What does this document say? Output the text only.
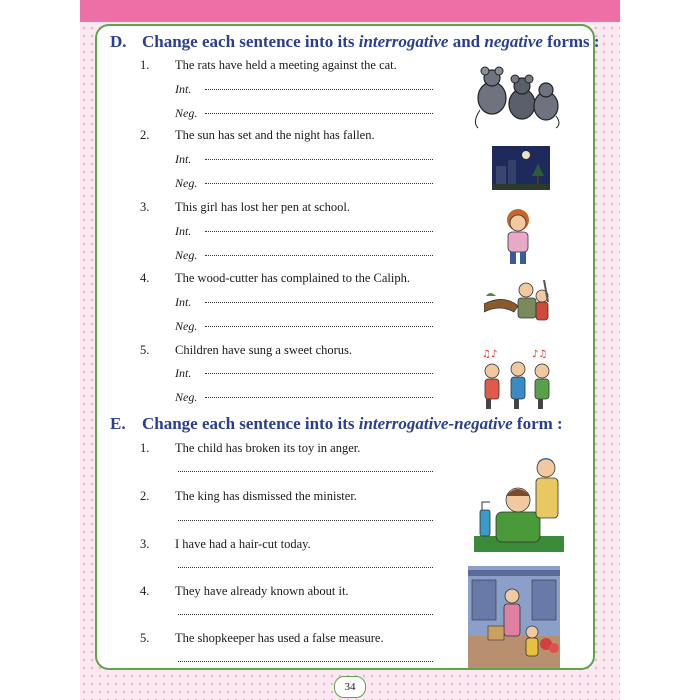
D. Change each sentence into its interrogative and negative forms :
1. The rats have held a meeting against the cat.
Int.
Neg.
2. The sun has set and the night has fallen.
Int.
Neg.
3. This girl has lost her pen at school.
Int.
Neg.
4. The wood-cutter has complained to the Caliph.
Int.
Neg.
5. Children have sung a sweet chorus.
Int.
Neg.
E. Change each sentence into its interrogative-negative form :
1. The child has broken its toy in anger.
2. The king has dismissed the minister.
3. I have had a hair-cut today.
4. They have already known about it.
5. The shopkeeper has used a false measure.
♫♪	♪♫
34
